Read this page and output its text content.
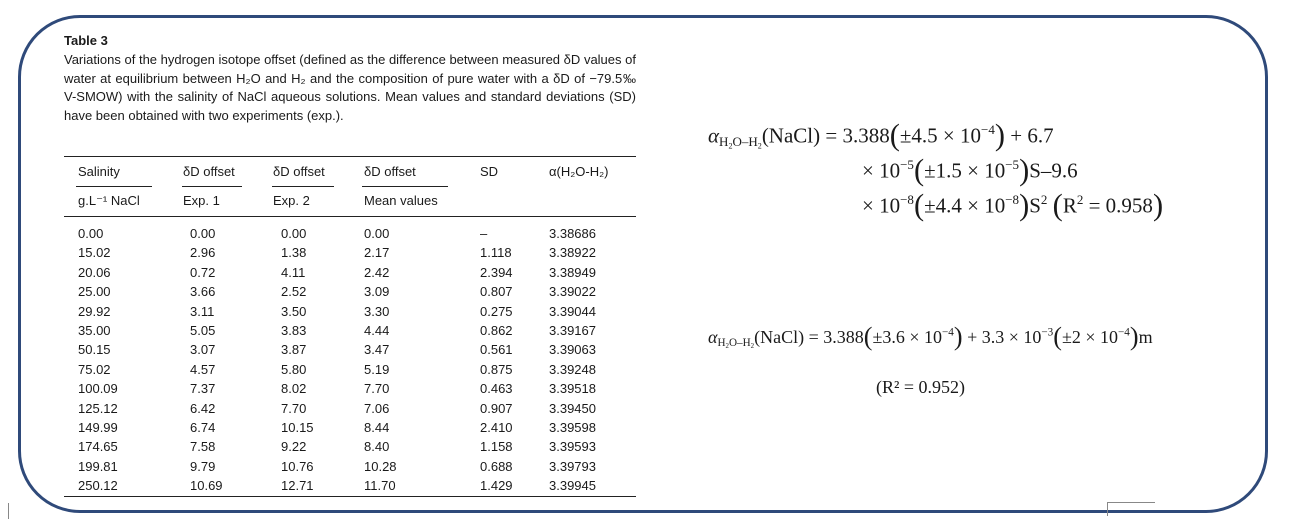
Table 3
Variations of the hydrogen isotope offset (defined as the difference between measured δD values of water at equilibrium between H₂O and H₂ and the composition of pure water with a δD of −79.5‰ V-SMOW) with the salinity of NaCl aqueous solutions. Mean values and standard deviations (SD) have been obtained with two experiments (exp.).
Salinity	δD offset	δD offset	δD offset	SD	α(H₂O-H₂)
g.L⁻¹ NaCl	Exp. 1	Exp. 2	Mean values
0.00	0.00	0.00	0.00	–	3.38686
15.02	2.96	1.38	2.17	1.118	3.38922
20.06	0.72	4.11	2.42	2.394	3.38949
25.00	3.66	2.52	3.09	0.807	3.39022
29.92	3.11	3.50	3.30	0.275	3.39044
35.00	5.05	3.83	4.44	0.862	3.39167
50.15	3.07	3.87	3.47	0.561	3.39063
75.02	4.57	5.80	5.19	0.875	3.39248
100.09	7.37	8.02	7.70	0.463	3.39518
125.12	6.42	7.70	7.06	0.907	3.39450
149.99	6.74	10.15	8.44	2.410	3.39598
174.65	7.58	9.22	8.40	1.158	3.39593
199.81	9.79	10.76	10.28	0.688	3.39793
250.12	10.69	12.71	11.70	1.429	3.39945
$\alpha_{H_2O-H_2}(NaCl) = 3.388(\pm 4.5 \times 10^{-4}) + 6.7$
× $10^{-5}(\pm 1.5 \times 10^{-5})S-9.6$
× $10^{-8}(\pm 4.4 \times 10^{-8})S^2$ $(R^2 = 0.958)$
$\alpha_{H_2O-H_2}(NaCl) = 3.388(\pm 3.6 \times 10^{-4}) + 3.3 \times 10^{-3}(\pm 2 \times 10^{-4})m$
(R² = 0.952)
